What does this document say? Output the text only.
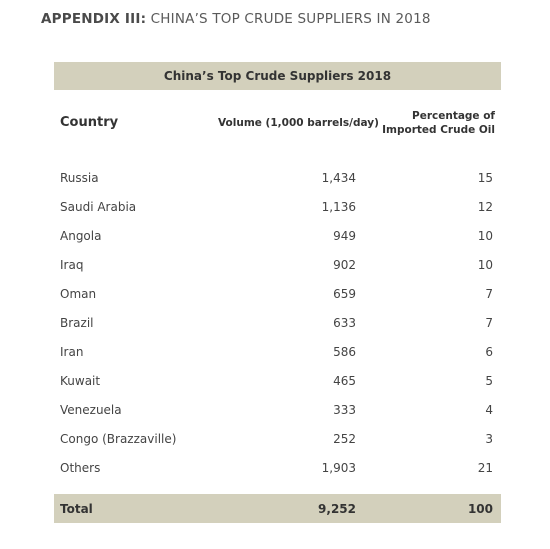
APPENDIX III: CHINA’S TOP CRUDE SUPPLIERS IN 2018
China’s Top Crude Suppliers 2018
Country	Volume (1,000 barrels/day)
Percentage of
Imported Crude Oil
Russia	1,434	15
Saudi Arabia	1,136	12
Angola	949	10
Iraq	902	10
Oman	659	7
Brazil	633	7
Iran	586	6
Kuwait	465	5
Venezuela	333	4
Congo (Brazzaville)	252	3
Others	1,903	21
Total	9,252	100
